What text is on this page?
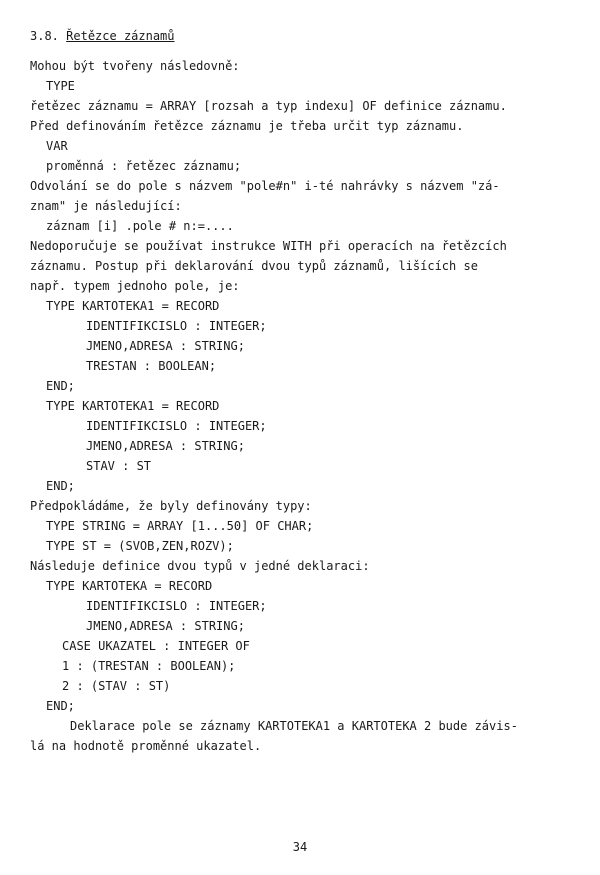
3.8. Řetězce záznamů
Mohou být tvořeny následovně:
TYPE
řetězec záznamu = ARRAY [rozsah a typ indexu] OF definice záznamu.
Před definováním řetězce záznamu je třeba určit typ záznamu.
VAR
proměnná : řetězec záznamu;
Odvolání se do pole s názvem "pole#n" i-té nahrávky s názvem "zá-
znam" je následující:
záznam [i] .pole # n:=....
Nedoporučuje se používat instrukce WITH při operacích na řetězcích
záznamu. Postup při deklarování dvou typů záznamů, lišících se
např. typem jednoho pole, je:
TYPE KARTOTEKA1 = RECORD
IDENTIFIKCISLO : INTEGER;
JMENO,ADRESA : STRING;
TRESTAN : BOOLEAN;
END;
TYPE KARTOTEKA1 = RECORD
IDENTIFIKCISLO : INTEGER;
JMENO,ADRESA : STRING;
STAV : ST
END;
Předpokládáme, že byly definovány typy:
TYPE STRING = ARRAY [1...50] OF CHAR;
TYPE ST = (SVOB,ZEN,ROZV);
Následuje definice dvou typů v jedné deklaraci:
TYPE KARTOTEKA = RECORD
IDENTIFIKCISLO : INTEGER;
JMENO,ADRESA : STRING;
CASE UKAZATEL : INTEGER OF
1 : (TRESTAN : BOOLEAN);
2 : (STAV : ST)
END;
Deklarace pole se záznamy KARTOTEKA1 a KARTOTEKA 2 bude závis-
lá na hodnotě proměnné ukazatel.
34
